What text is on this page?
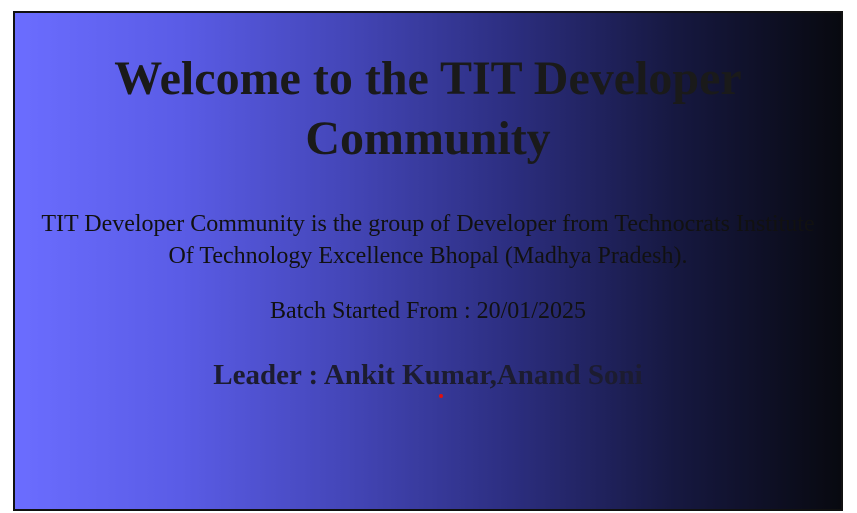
Welcome to the TIT Developer Community

TIT Developer Community is the group of Developer from Technocrats Institute Of Technology Excellence Bhopal (Madhya Pradesh).

Batch Started From : 20/01/2025

Leader : Ankit Kumar,Anand Soni
